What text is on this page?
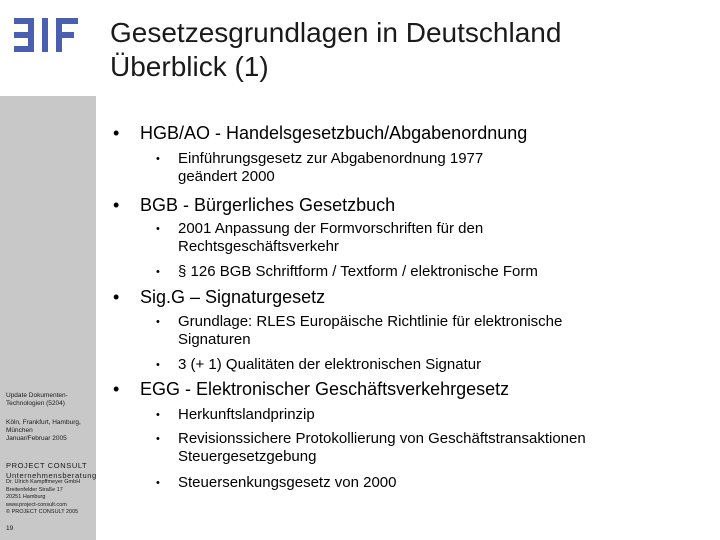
Update Dokumenten-
Technologien (5204)
Köln, Frankfurt, Hamburg,
München
Januar/Februar 2005
PROJECT CONSULT
Unternehmensberatung
Dr. Ulrich Kampffmeyer GmbH
Breitenfelder Straße 17
20251 Hamburg
www.project-consult.com
© PROJECT CONSULT 2005
19
Gesetzesgrundlagen in Deutschland
Überblick (1)
• HGB/AO - Handelsgesetzbuch/Abgabenordnung
• Einführungsgesetz zur Abgabenordnung 1977
geändert 2000
• BGB - Bürgerliches Gesetzbuch
• 2001 Anpassung der Formvorschriften für den
Rechtsgeschäftsverkehr
• § 126 BGB Schriftform / Textform / elektronische Form
• Sig.G – Signaturgesetz
• Grundlage: RLES Europäische Richtlinie für elektronische
Signaturen
• 3 (+ 1) Qualitäten der elektronischen Signatur
• EGG - Elektronischer Geschäftsverkehrgesetz
• Herkunftslandprinzip
• Revisionssichere Protokollierung von Geschäftstransaktionen
Steuergesetzgebung
• Steuersenkungsgesetz von 2000
